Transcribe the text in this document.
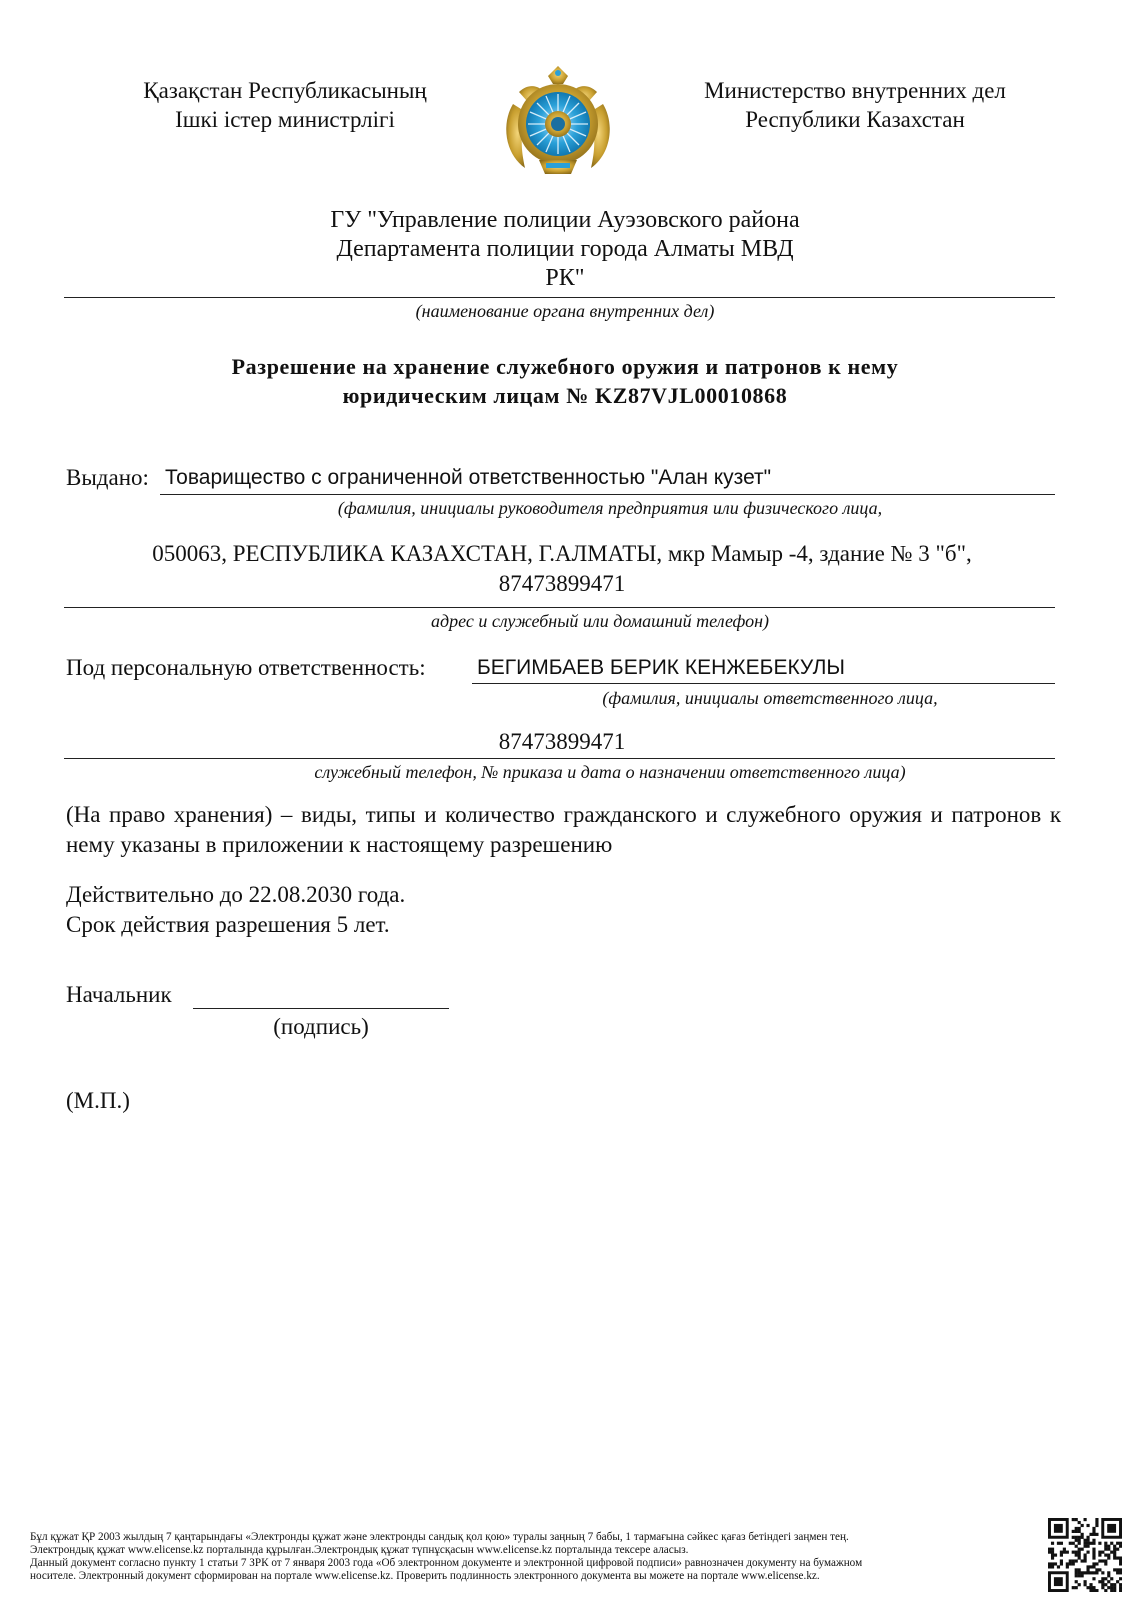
Қазақстан Республикасының
Ішкі істер министрлігі
Министерство внутренних дел
Республики Казахстан
ГУ "Управление полиции Ауэзовского района
Департамента полиции города Алматы МВД
РК"
(наименование органа внутренних дел)
Разрешение на хранение служебного оружия и патронов к нему
юридическим лицам № KZ87VJL00010868
Выдано: Товарищество с ограниченной ответственностью "Алан кузет"
(фамилия, инициалы руководителя предприятия или физического лица,
050063, РЕСПУБЛИКА КАЗАХСТАН, Г.АЛМАТЫ, мкр Мамыр -4, здание № 3 "б",
87473899471
адрес и служебный или домашний телефон)
Под персональную ответственность: БЕГИМБАЕВ БЕРИК КЕНЖЕБЕКУЛЫ
(фамилия, инициалы ответственного лица,
87473899471
служебный телефон, № приказа и дата о назначении ответственного лица)
(На право хранения) – виды, типы и количество гражданского и служебного оружия и патронов к нему указаны в приложении к настоящему разрешению
Действительно до 22.08.2030 года.
Срок действия разрешения 5 лет.
Начальник
(подпись)
(М.П.)
Бұл құжат ҚР 2003 жылдың 7 қаңтарындағы «Электронды құжат және электронды сандық қол қою» туралы заңның 7 бабы, 1 тармағына сәйкес қағаз бетіндегі заңмен тең.
Электрондық құжат www.elicense.kz порталында құрылған.Электрондық құжат түпнұсқасын www.elicense.kz порталында тексере аласыз.
Данный документ согласно пункту 1 статьи 7 ЗРК от 7 января 2003 года «Об электронном документе и электронной цифровой подписи» равнозначен документу на бумажном
носителе. Электронный документ сформирован на портале www.elicense.kz. Проверить подлинность электронного документа вы можете на портале www.elicense.kz.
